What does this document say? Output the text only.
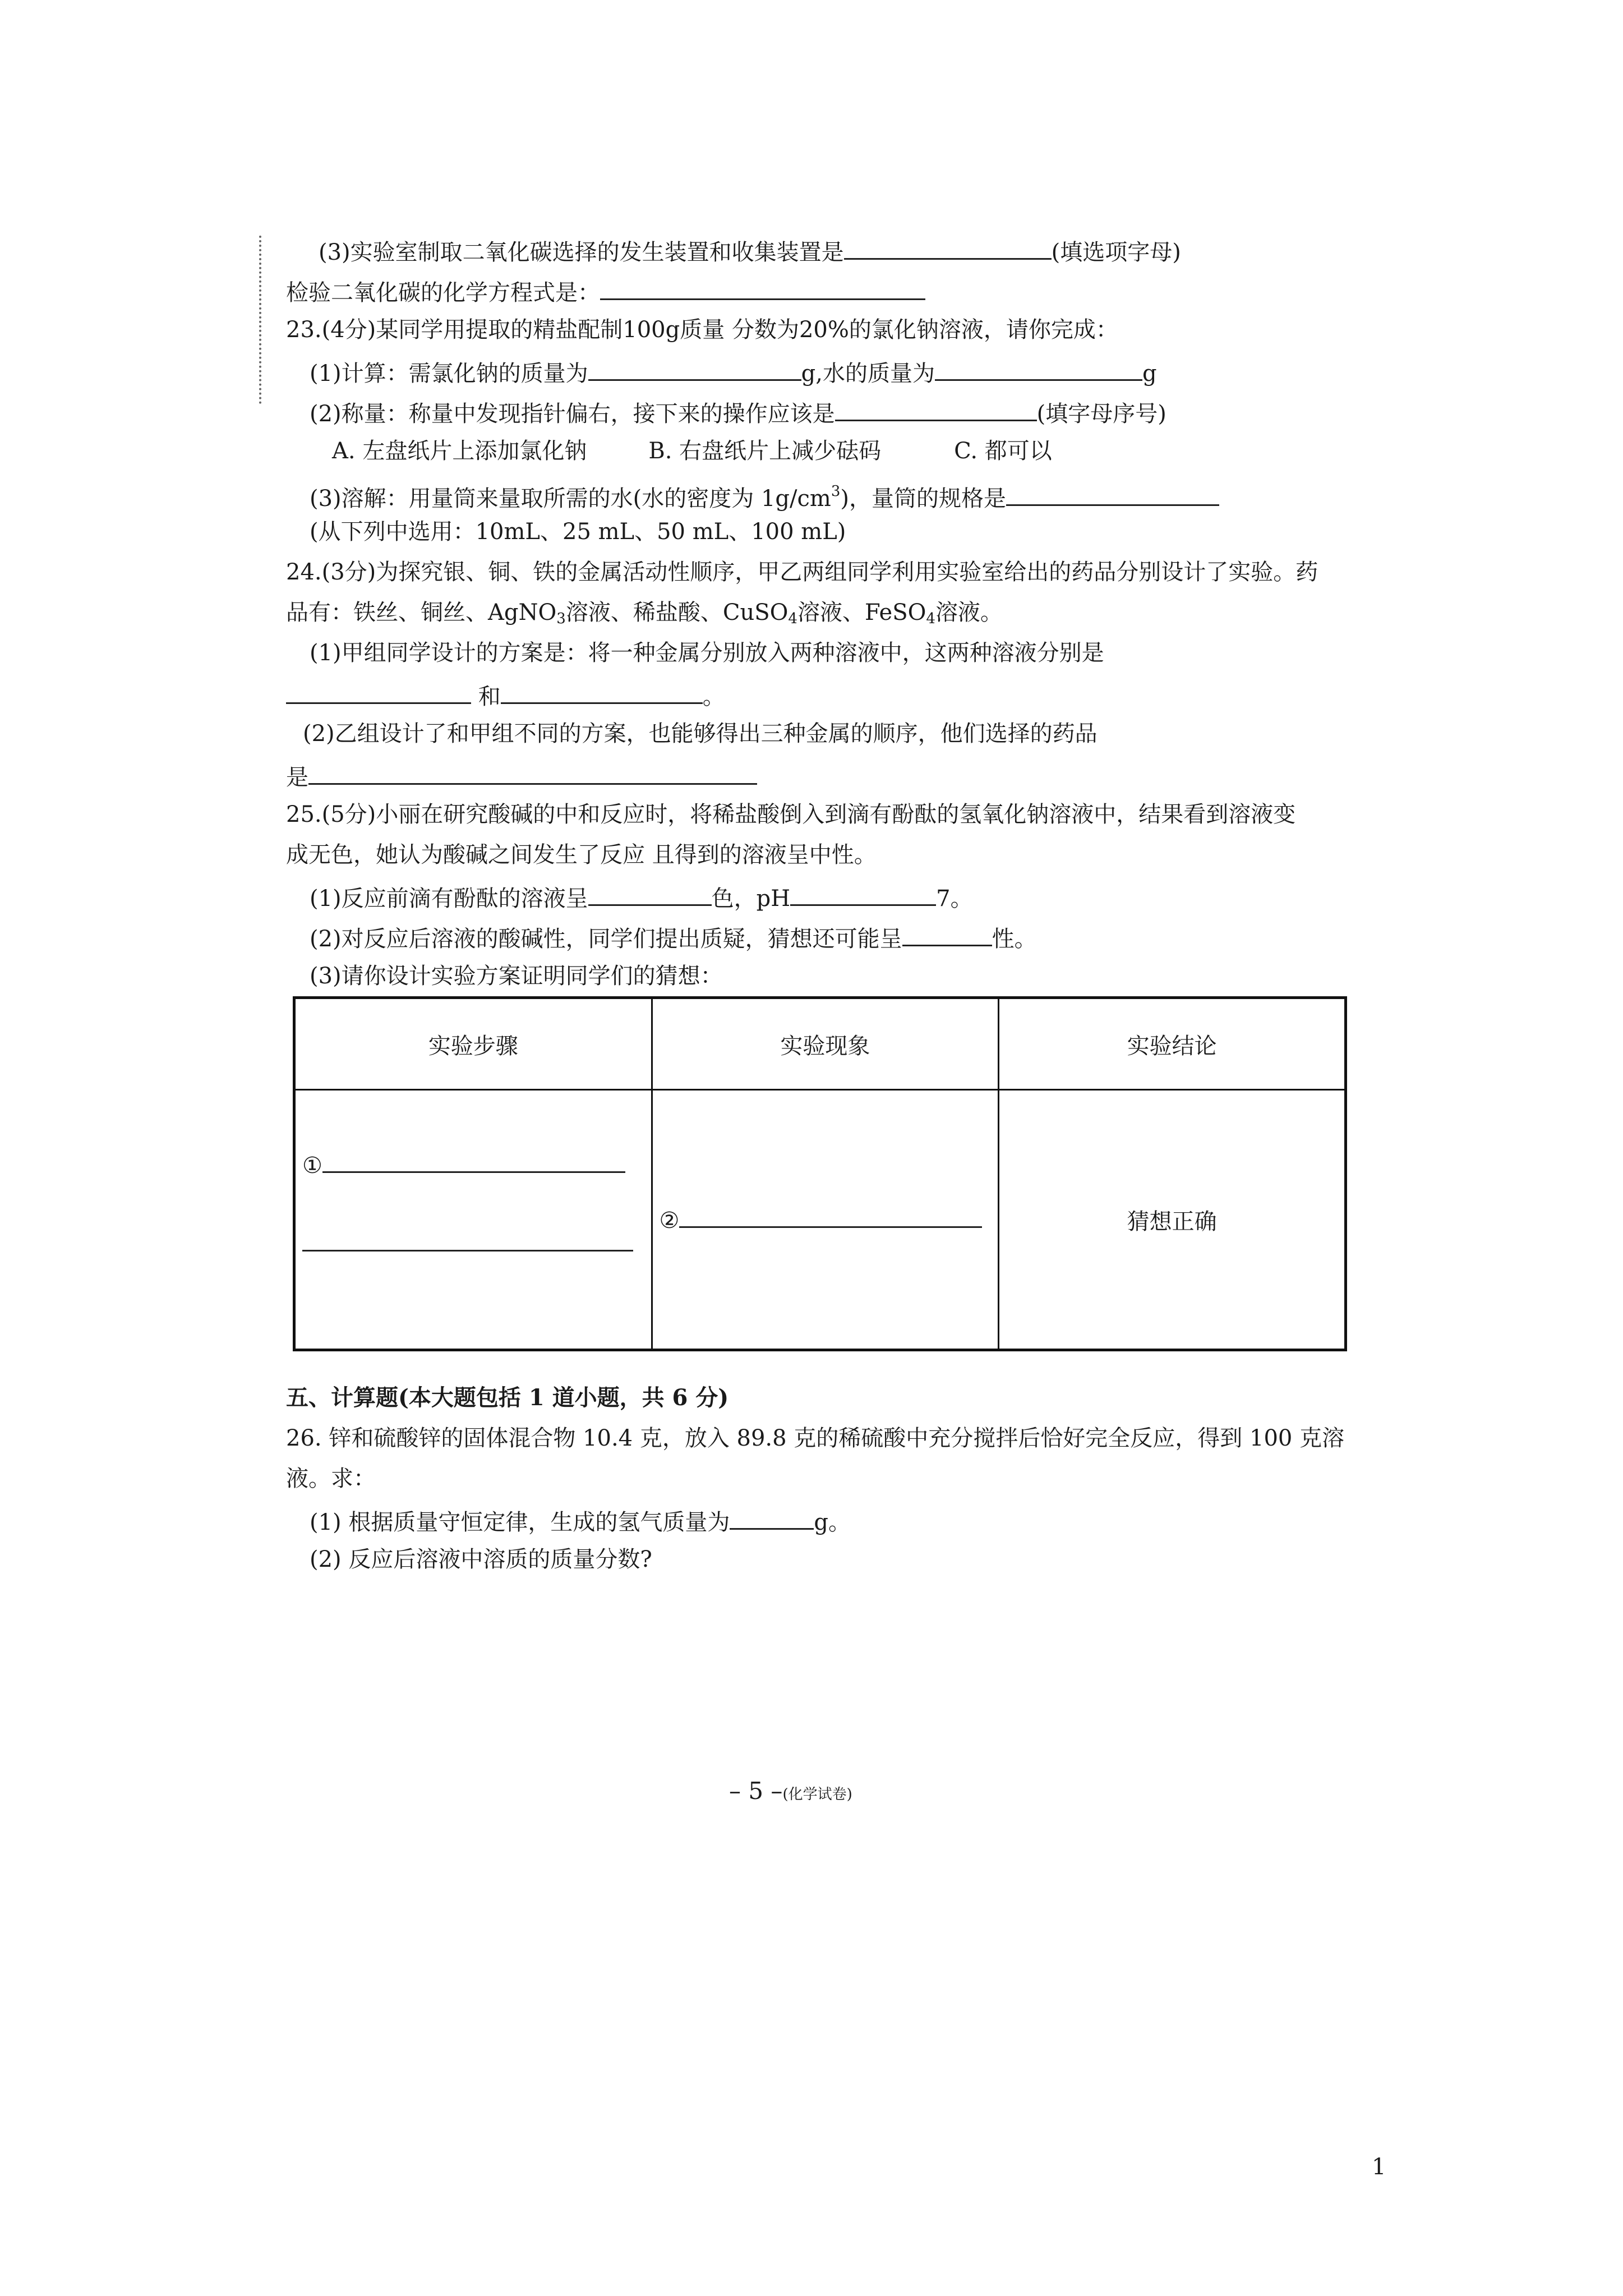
(3)实验室制取二氧化碳选择的发生装置和收集装置是	(填选项字母)
检验二氧化碳的化学方程式是：
23.(4分)某同学用提取的精盐配制100g质量 分数为20%的氯化钠溶液，请你完成：
(1)计算：需氯化钠的质量为	g,水的质量为	g
(2)称量：称量中发现指针偏右，接下来的操作应该是	(填字母序号)
A. 左盘纸片上添加氯化钠	B. 右盘纸片上减少砝码	C. 都可以
(3)溶解：用量筒来量取所需的水(水的密度为 $1g/cm^3$)，量筒的规格是
(从下列中选用：10mL、25 mL、50 mL、100 mL)
24.(3分)为探究银、铜、铁的金属活动性顺序，甲乙两组同学利用实验室给出的药品分别设计了实验。药
品有：铁丝、铜丝、AgNO$_3$溶液、稀盐酸、CuSO$_4$溶液、FeSO$_4$溶液。
(1)甲组同学设计的方案是：将一种金属分别放入两种溶液中，这两种溶液分别是
和	。
(2)乙组设计了和甲组不同的方案，也能够得出三种金属的顺序，他们选择的药品
是
25.(5分)小丽在研究酸碱的中和反应时，将稀盐酸倒入到滴有酚酞的氢氧化钠溶液中，结果看到溶液变
成无色，她认为酸碱之间发生了反应 且得到的溶液呈中性。
(1)反应前滴有酚酞的溶液呈	色，pH	7。
(2)对反应后溶液的酸碱性，同学们提出质疑，猜想还可能呈	性。
(3)请你设计实验方案证明同学们的猜想：
实验步骤	实验现象	实验结论

①	②	猜想正确
五、计算题(本大题包括 1 道小题，共 6 分)
26. 锌和硫酸锌的固体混合物 10.4 克，放入 89.8 克的稀硫酸中充分搅拌后恰好完全反应，得到 100 克溶
液。求：
(1) 根据质量守恒定律，生成的氢气质量为	g。
(2) 反应后溶液中溶质的质量分数?
– 5 –(化学试卷)
1
